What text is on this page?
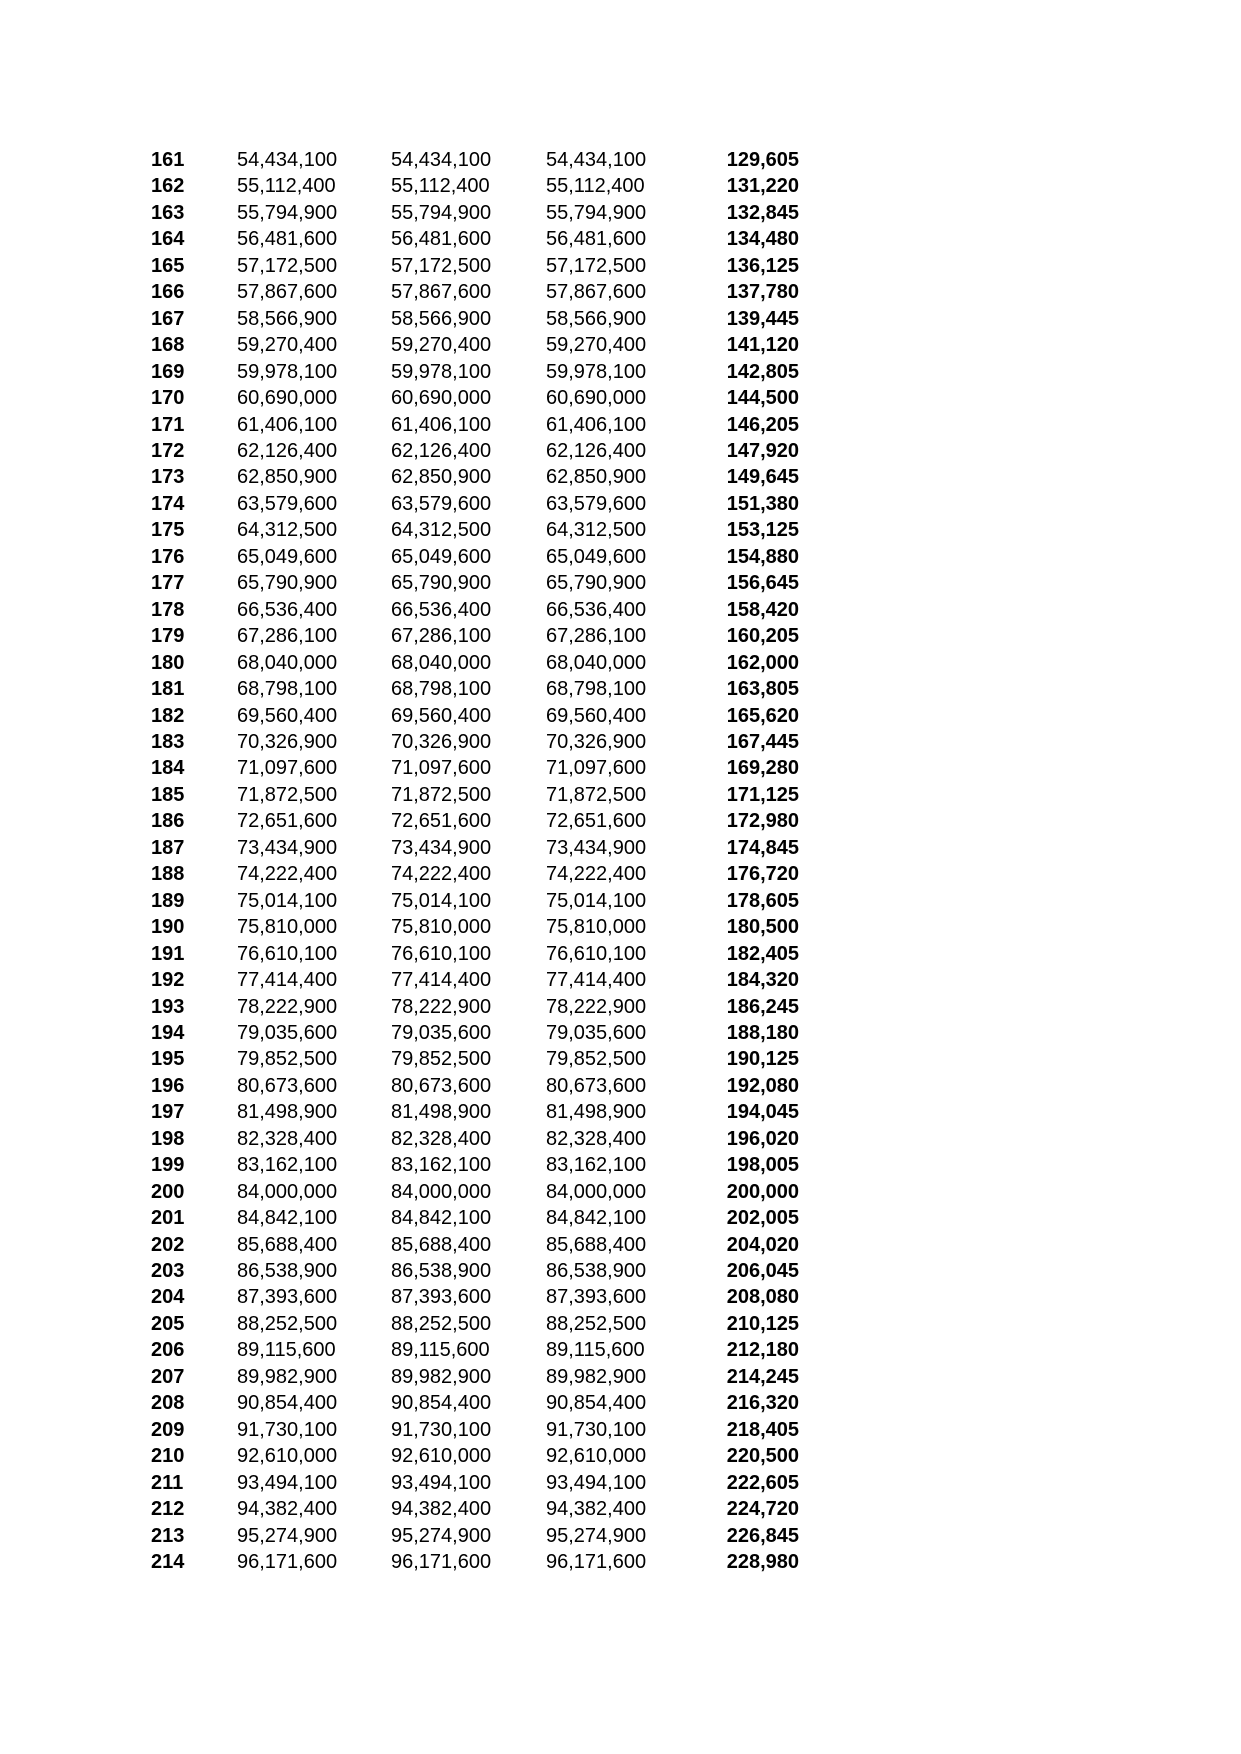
161	54,434,100	54,434,100	54,434,100	129,605
162	55,112,400	55,112,400	55,112,400	131,220
163	55,794,900	55,794,900	55,794,900	132,845
164	56,481,600	56,481,600	56,481,600	134,480
165	57,172,500	57,172,500	57,172,500	136,125
166	57,867,600	57,867,600	57,867,600	137,780
167	58,566,900	58,566,900	58,566,900	139,445
168	59,270,400	59,270,400	59,270,400	141,120
169	59,978,100	59,978,100	59,978,100	142,805
170	60,690,000	60,690,000	60,690,000	144,500
171	61,406,100	61,406,100	61,406,100	146,205
172	62,126,400	62,126,400	62,126,400	147,920
173	62,850,900	62,850,900	62,850,900	149,645
174	63,579,600	63,579,600	63,579,600	151,380
175	64,312,500	64,312,500	64,312,500	153,125
176	65,049,600	65,049,600	65,049,600	154,880
177	65,790,900	65,790,900	65,790,900	156,645
178	66,536,400	66,536,400	66,536,400	158,420
179	67,286,100	67,286,100	67,286,100	160,205
180	68,040,000	68,040,000	68,040,000	162,000
181	68,798,100	68,798,100	68,798,100	163,805
182	69,560,400	69,560,400	69,560,400	165,620
183	70,326,900	70,326,900	70,326,900	167,445
184	71,097,600	71,097,600	71,097,600	169,280
185	71,872,500	71,872,500	71,872,500	171,125
186	72,651,600	72,651,600	72,651,600	172,980
187	73,434,900	73,434,900	73,434,900	174,845
188	74,222,400	74,222,400	74,222,400	176,720
189	75,014,100	75,014,100	75,014,100	178,605
190	75,810,000	75,810,000	75,810,000	180,500
191	76,610,100	76,610,100	76,610,100	182,405
192	77,414,400	77,414,400	77,414,400	184,320
193	78,222,900	78,222,900	78,222,900	186,245
194	79,035,600	79,035,600	79,035,600	188,180
195	79,852,500	79,852,500	79,852,500	190,125
196	80,673,600	80,673,600	80,673,600	192,080
197	81,498,900	81,498,900	81,498,900	194,045
198	82,328,400	82,328,400	82,328,400	196,020
199	83,162,100	83,162,100	83,162,100	198,005
200	84,000,000	84,000,000	84,000,000	200,000
201	84,842,100	84,842,100	84,842,100	202,005
202	85,688,400	85,688,400	85,688,400	204,020
203	86,538,900	86,538,900	86,538,900	206,045
204	87,393,600	87,393,600	87,393,600	208,080
205	88,252,500	88,252,500	88,252,500	210,125
206	89,115,600	89,115,600	89,115,600	212,180
207	89,982,900	89,982,900	89,982,900	214,245
208	90,854,400	90,854,400	90,854,400	216,320
209	91,730,100	91,730,100	91,730,100	218,405
210	92,610,000	92,610,000	92,610,000	220,500
211	93,494,100	93,494,100	93,494,100	222,605
212	94,382,400	94,382,400	94,382,400	224,720
213	95,274,900	95,274,900	95,274,900	226,845
214	96,171,600	96,171,600	96,171,600	228,980
